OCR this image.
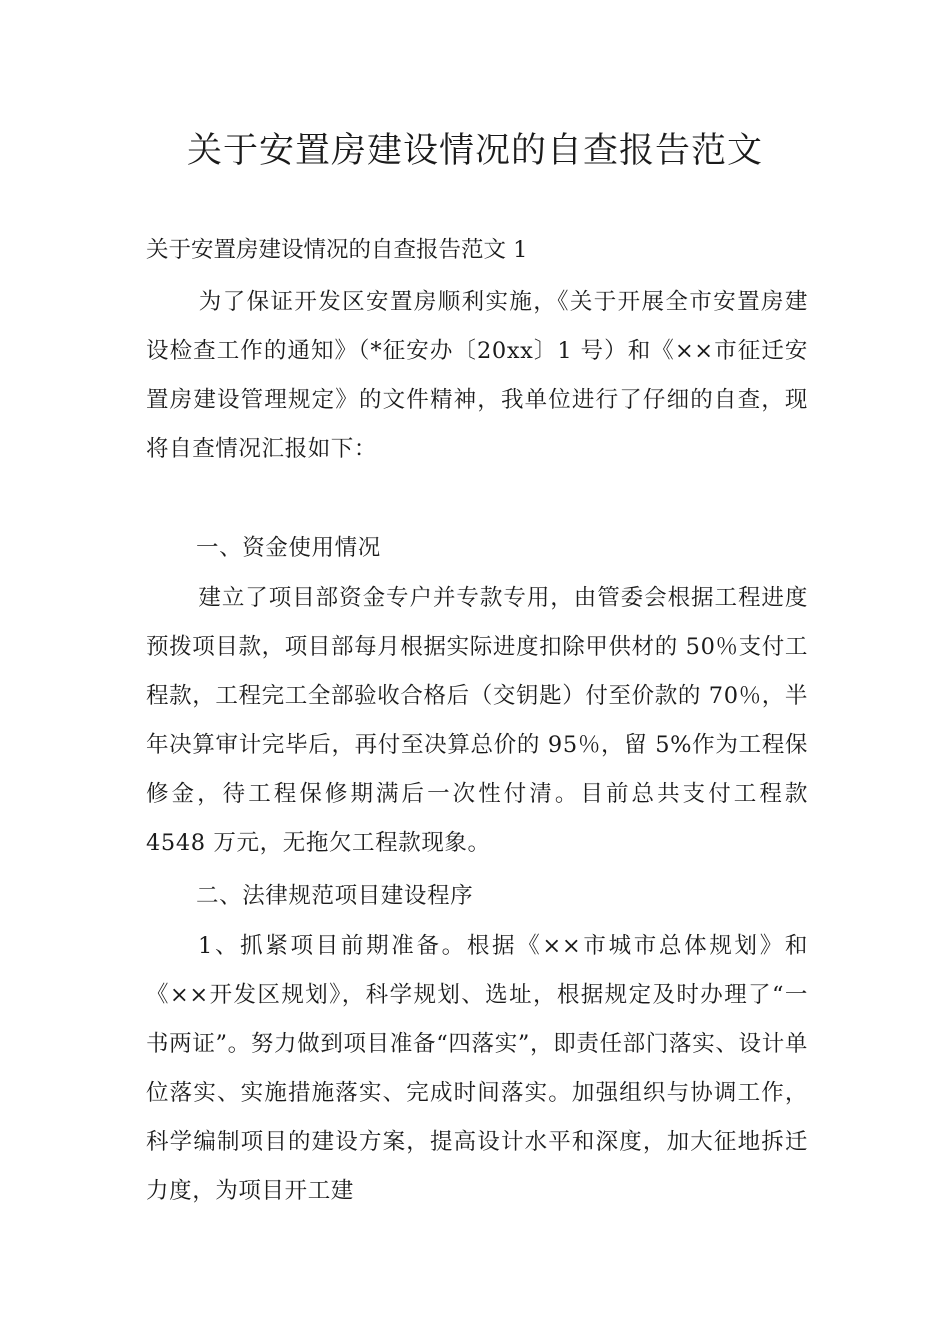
关于安置房建设情况的自查报告范文

关于安置房建设情况的自查报告范文 1

为了保证开发区安置房顺利实施，《关于开展全市安置房建设检查工作的通知》（*征安办〔20xx〕1 号）和《××市征迁安置房建设管理规定》的文件精神，我单位进行了仔细的自查，现将自查情况汇报如下：

一、资金使用情况

建立了项目部资金专户并专款专用，由管委会根据工程进度预拨项目款，项目部每月根据实际进度扣除甲供材的 50％支付工程款，工程完工全部验收合格后（交钥匙）付至价款的 70％，半年决算审计完毕后，再付至决算总价的 95％，留 5%作为工程保修金，待工程保修期满后一次性付清。目前总共支付工程款 4548 万元，无拖欠工程款现象。

二、法律规范项目建设程序

1、抓紧项目前期准备。根据《××市城市总体规划》和《××开发区规划》，科学规划、选址，根据规定及时办理了“一书两证”。努力做到项目准备“四落实”，即责任部门落实、设计单位落实、实施措施落实、完成时间落实。加强组织与协调工作，科学编制项目的建设方案，提高设计水平和深度，加大征地拆迁力度，为项目开工建
